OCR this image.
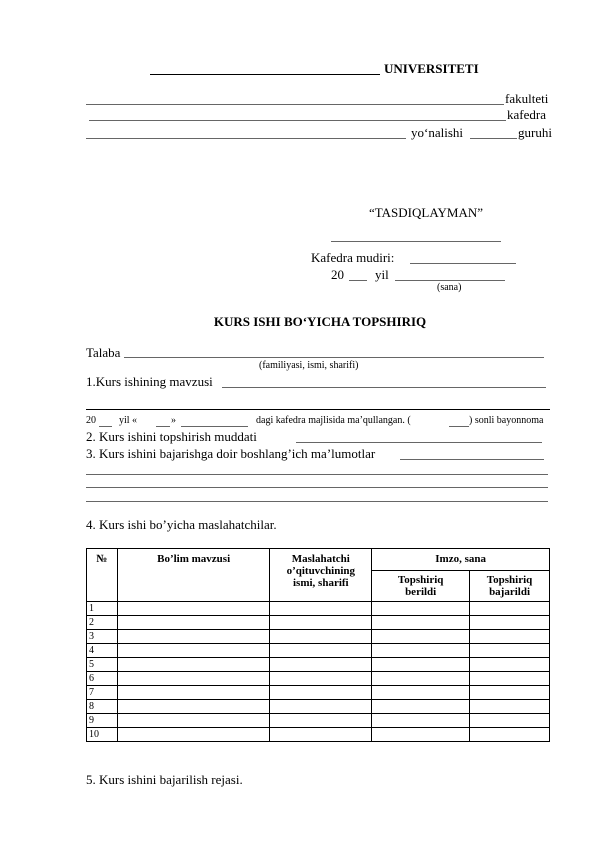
UNIVERSITETI
fakulteti
kafedra
yo‘nalishi	guruhi
“TASDIQLAYMAN”
Kafedra mudiri:
20 yil
(sana)
KURS ISHI BO‘YICHA TOPSHIRIQ
Talaba
(familiyasi, ismi, sharifi)
1.Kurs ishining mavzusi
20 yil «	»	dagi kafedra majlisida ma’qullangan. (	) sonli bayonnoma
2. Kurs ishini topshirish muddati
3. Kurs ishini bajarishga doir boshlang’ich ma’lumotlar
4. Kurs ishi bo’yicha maslahatchilar.
№	Bo’lim mavzusi	Maslahatchi o’qituvchining ismi, sharifi	Imzo, sana	
			Topshiriq berildi	Topshiriq bajarildi
1				
2				
3				
4				
5				
6				
7				
8				
9				
10				
5. Kurs ishini bajarilish rejasi.
